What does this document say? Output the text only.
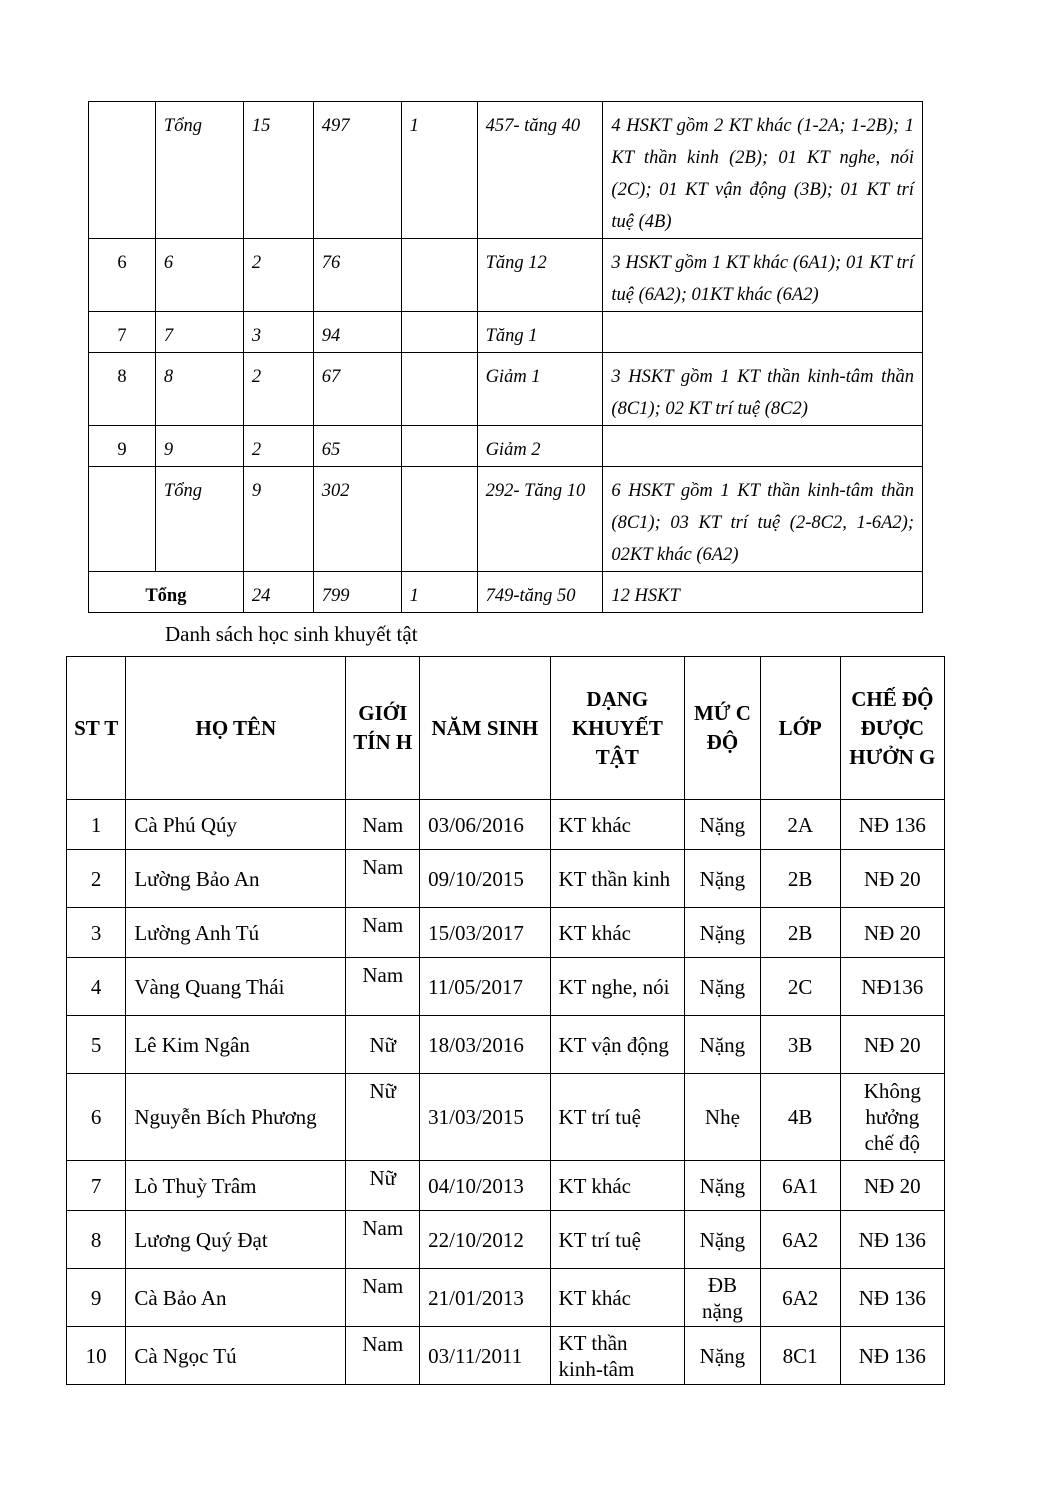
	Tổng	15	497	1	457- tăng 40	4 HSKT gồm 2 KT khác (1-2A; 1-2B); 1 KT thần kinh (2B); 01 KT nghe, nói (2C); 01 KT vận động (3B); 01 KT trí tuệ (4B)
6	6	2	76		Tăng 12	3 HSKT gồm 1 KT khác (6A1); 01 KT trí tuệ (6A2); 01KT khác (6A2)
7	7	3	94		Tăng 1	
8	8	2	67		Giảm 1	3 HSKT gồm 1 KT thần kinh-tâm thần (8C1); 02 KT trí tuệ (8C2)
9	9	2	65		Giảm 2	
	Tổng	9	302		292- Tăng 10	6 HSKT gồm 1 KT thần kinh-tâm thần (8C1); 03 KT trí tuệ (2-8C2, 1-6A2); 02KT khác (6A2)
Tổng		24	799	1	749-tăng 50	12 HSKT
Danh sách học sinh khuyết tật
ST T	HỌ TÊN	GIỚI TÍN H	NĂM SINH	DẠNG KHUYẾT TẬT	MỨ C ĐỘ	LỚP	CHẾ ĐỘ ĐƯỢC HƯỞN G
1	Cà Phú Qúy	Nam	03/06/2016	KT khác	Nặng	2A	NĐ 136
2	Lường Bảo An	Nam	09/10/2015	KT thần kinh	Nặng	2B	NĐ 20
3	Lường Anh Tú	Nam	15/03/2017	KT khác	Nặng	2B	NĐ 20
4	Vàng Quang Thái	Nam	11/05/2017	KT nghe, nói	Nặng	2C	NĐ136
5	Lê Kim Ngân	Nữ	18/03/2016	KT vận động	Nặng	3B	NĐ 20
6	Nguyễn Bích Phương	Nữ	31/03/2015	KT trí tuệ	Nhẹ	4B	Không hưởng chế độ
7	Lò Thuỳ Trâm	Nữ	04/10/2013	KT khác	Nặng	6A1	NĐ 20
8	Lương Quý Đạt	Nam	22/10/2012	KT trí tuệ	Nặng	6A2	NĐ 136
9	Cà Bảo An	Nam	21/01/2013	KT khác	ĐB nặng	6A2	NĐ 136
10	Cà Ngọc Tú	Nam	03/11/2011	KT thần kinh-tâm	Nặng	8C1	NĐ 136
